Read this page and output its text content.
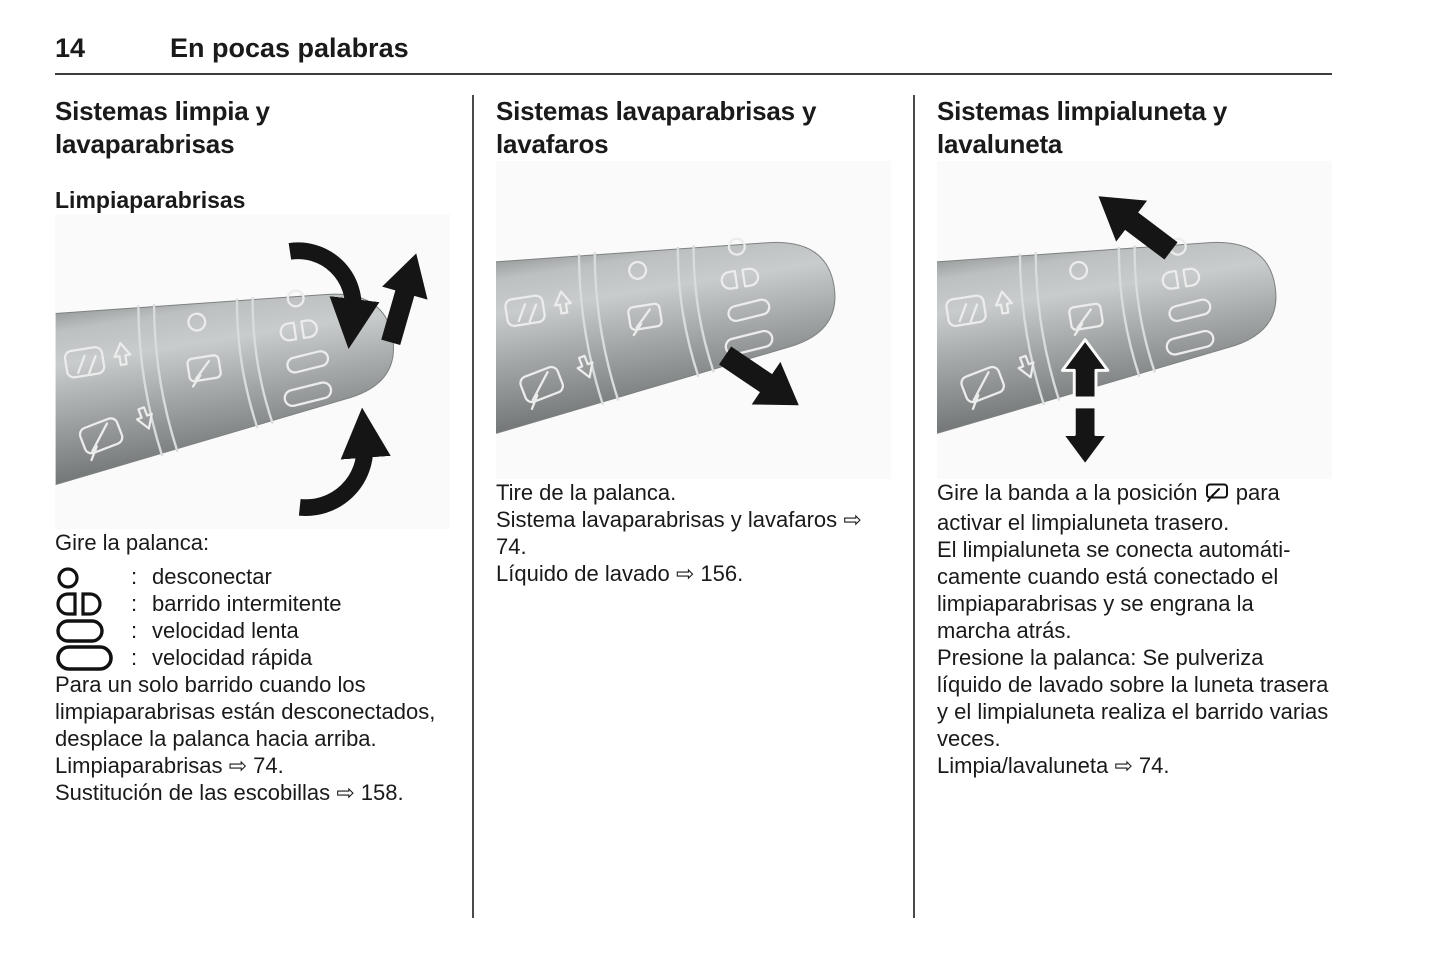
14	En pocas palabras
Sistemas limpia y lavaparabrisas
Limpiaparabrisas

Gire la palanca:

: desconectar
: barrido intermitente
: velocidad lenta
: velocidad rápida

Para un solo barrido cuando los limpiaparabrisas están desconectados, desplace la palanca hacia arriba.

Limpiaparabrisas ⇨ 74.

Sustitución de las escobillas ⇨ 158.

Sistemas lavaparabrisas y lavafaros

Tire de la palanca.

Sistema lavaparabrisas y lavafaros ⇨ 74.

Líquido de lavado ⇨ 156.

Sistemas limpialuneta y lavaluneta

Gire la banda a la posición para activar el limpialuneta trasero.

El limpialuneta se conecta automáticamente cuando está conectado el limpiaparabrisas y se engrana la marcha atrás.

Presione la palanca: Se pulveriza líquido de lavado sobre la luneta trasera y el limpialuneta realiza el barrido varias veces.

Limpia/lavaluneta ⇨ 74.
